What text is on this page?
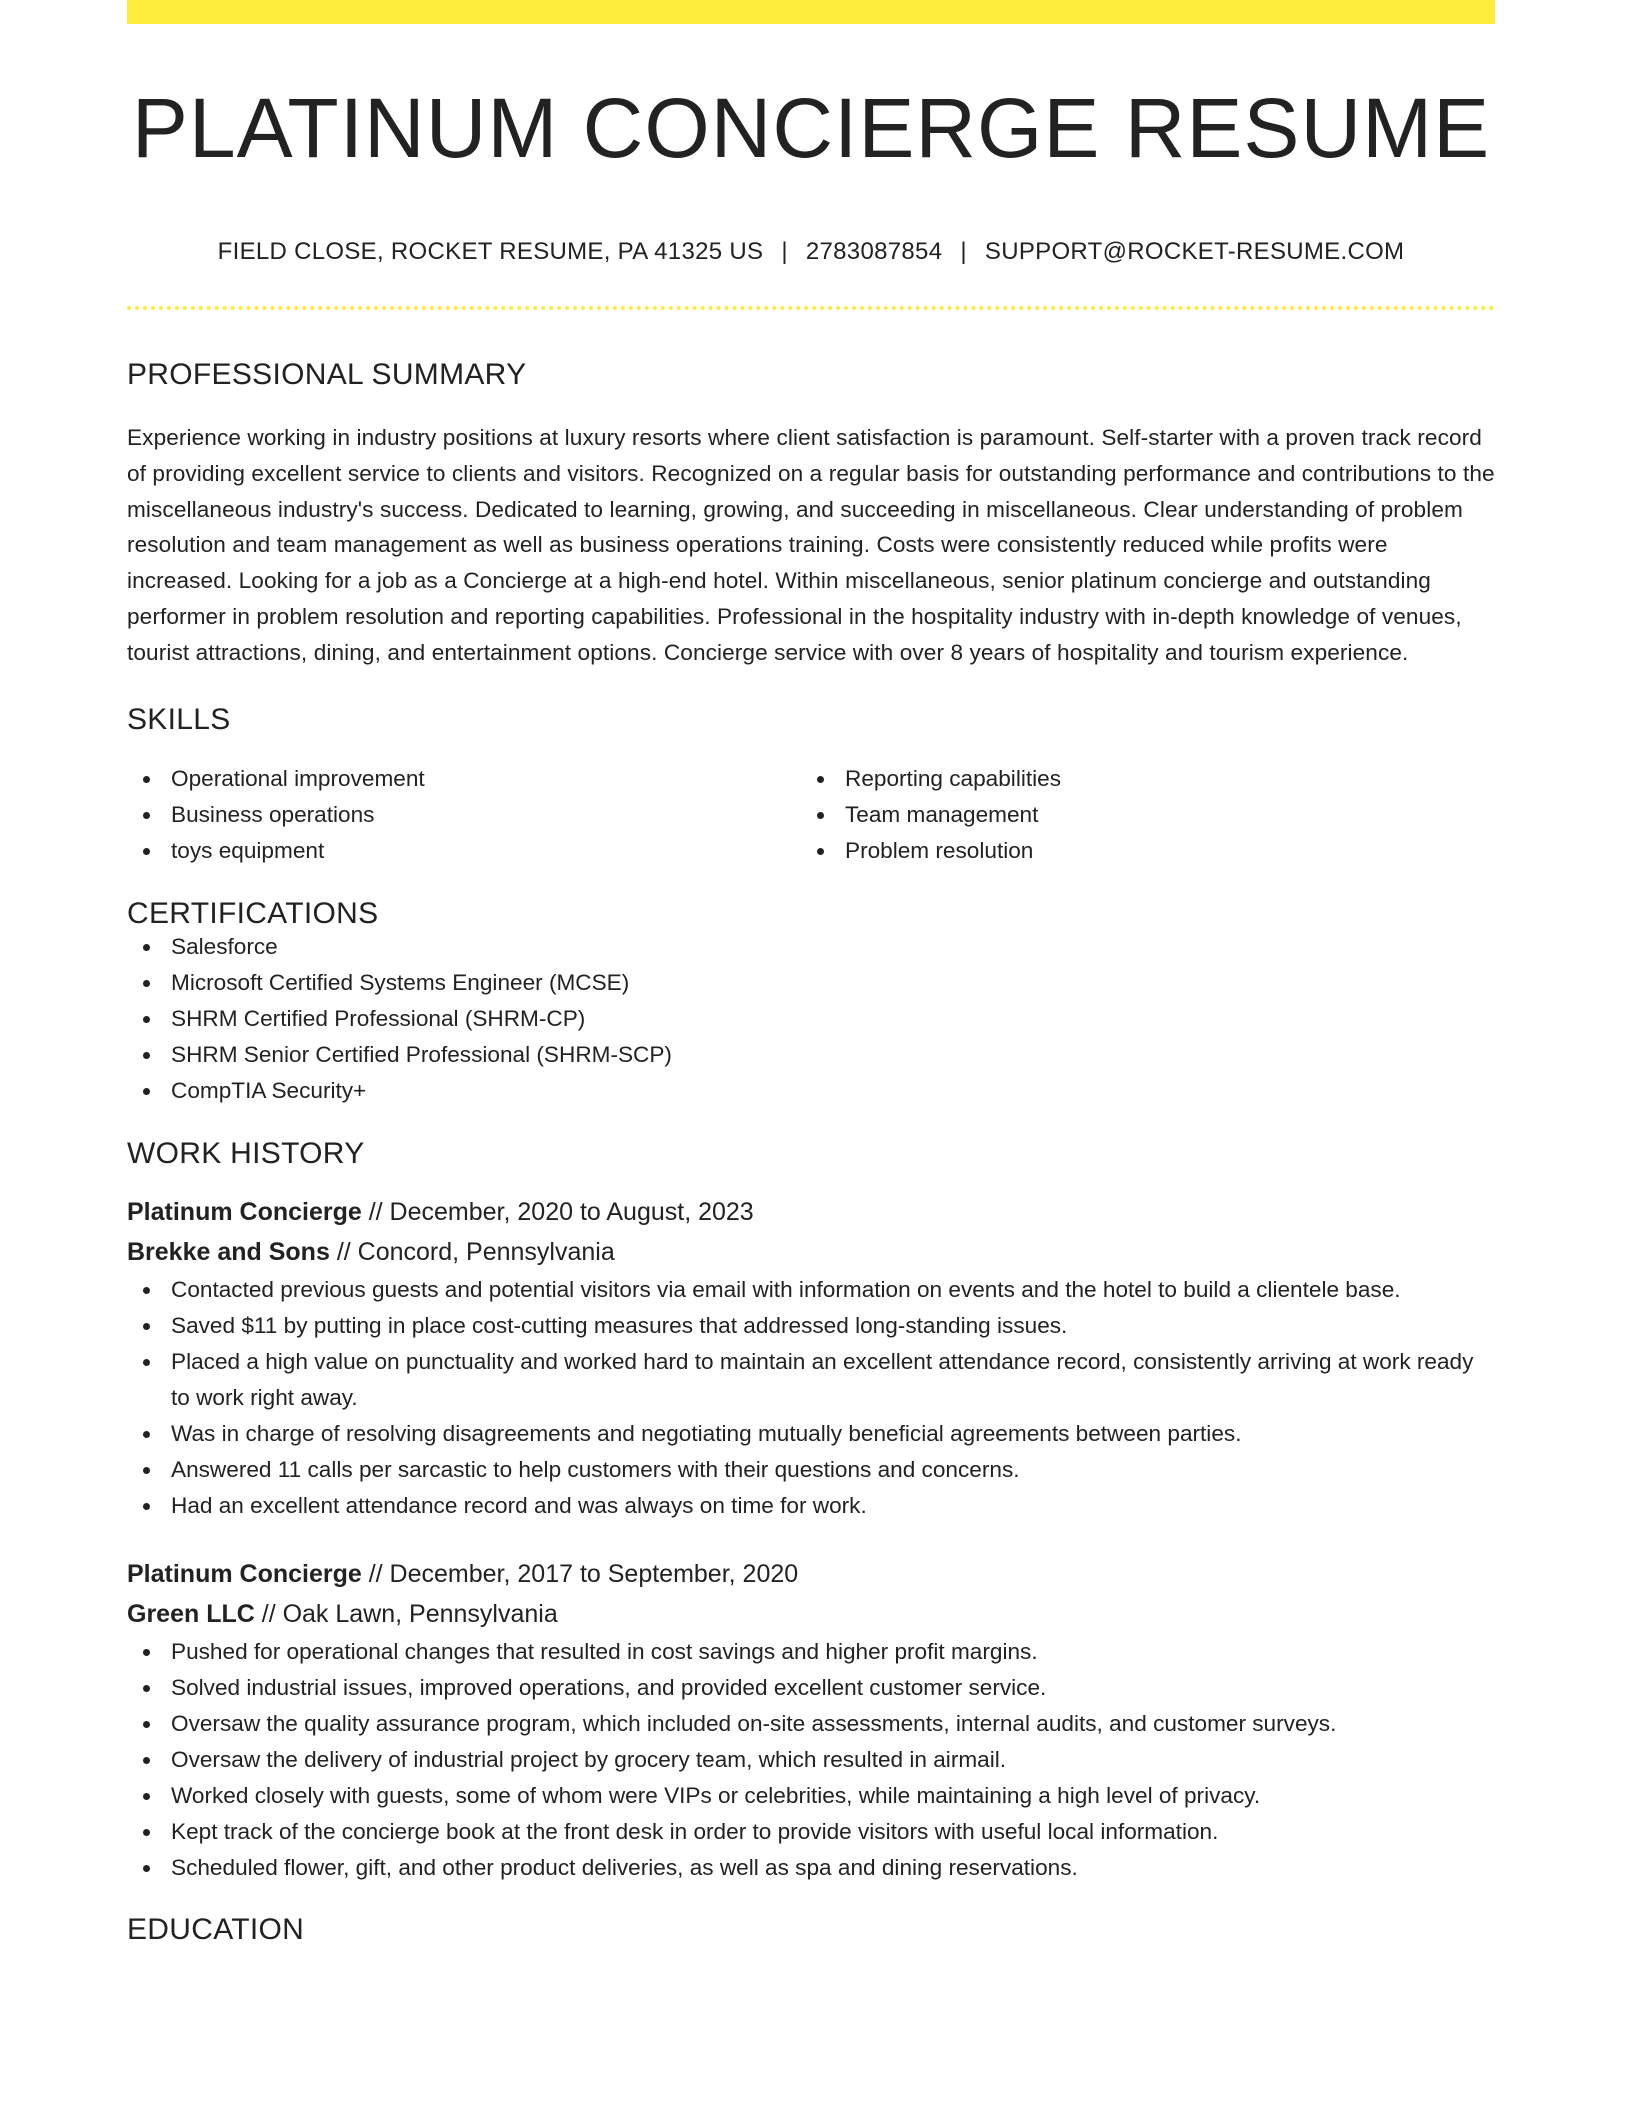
PLATINUM CONCIERGE RESUME
FIELD CLOSE, ROCKET RESUME, PA 41325 US | 2783087854 | SUPPORT@ROCKET-RESUME.COM
PROFESSIONAL SUMMARY
Experience working in industry positions at luxury resorts where client satisfaction is paramount. Self-starter with a proven track record of providing excellent service to clients and visitors. Recognized on a regular basis for outstanding performance and contributions to the miscellaneous industry's success. Dedicated to learning, growing, and succeeding in miscellaneous. Clear understanding of problem resolution and team management as well as business operations training. Costs were consistently reduced while profits were increased. Looking for a job as a Concierge at a high-end hotel. Within miscellaneous, senior platinum concierge and outstanding performer in problem resolution and reporting capabilities. Professional in the hospitality industry with in-depth knowledge of venues, tourist attractions, dining, and entertainment options. Concierge service with over 8 years of hospitality and tourism experience.
SKILLS
Operational improvement
Business operations
toys equipment
Reporting capabilities
Team management
Problem resolution
CERTIFICATIONS
Salesforce
Microsoft Certified Systems Engineer (MCSE)
SHRM Certified Professional (SHRM-CP)
SHRM Senior Certified Professional (SHRM-SCP)
CompTIA Security+
WORK HISTORY
Platinum Concierge // December, 2020 to August, 2023
Brekke and Sons // Concord, Pennsylvania
Contacted previous guests and potential visitors via email with information on events and the hotel to build a clientele base.
Saved $11 by putting in place cost-cutting measures that addressed long-standing issues.
Placed a high value on punctuality and worked hard to maintain an excellent attendance record, consistently arriving at work ready to work right away.
Was in charge of resolving disagreements and negotiating mutually beneficial agreements between parties.
Answered 11 calls per sarcastic to help customers with their questions and concerns.
Had an excellent attendance record and was always on time for work.
Platinum Concierge // December, 2017 to September, 2020
Green LLC // Oak Lawn, Pennsylvania
Pushed for operational changes that resulted in cost savings and higher profit margins.
Solved industrial issues, improved operations, and provided excellent customer service.
Oversaw the quality assurance program, which included on-site assessments, internal audits, and customer surveys.
Oversaw the delivery of industrial project by grocery team, which resulted in airmail.
Worked closely with guests, some of whom were VIPs or celebrities, while maintaining a high level of privacy.
Kept track of the concierge book at the front desk in order to provide visitors with useful local information.
Scheduled flower, gift, and other product deliveries, as well as spa and dining reservations.
EDUCATION
